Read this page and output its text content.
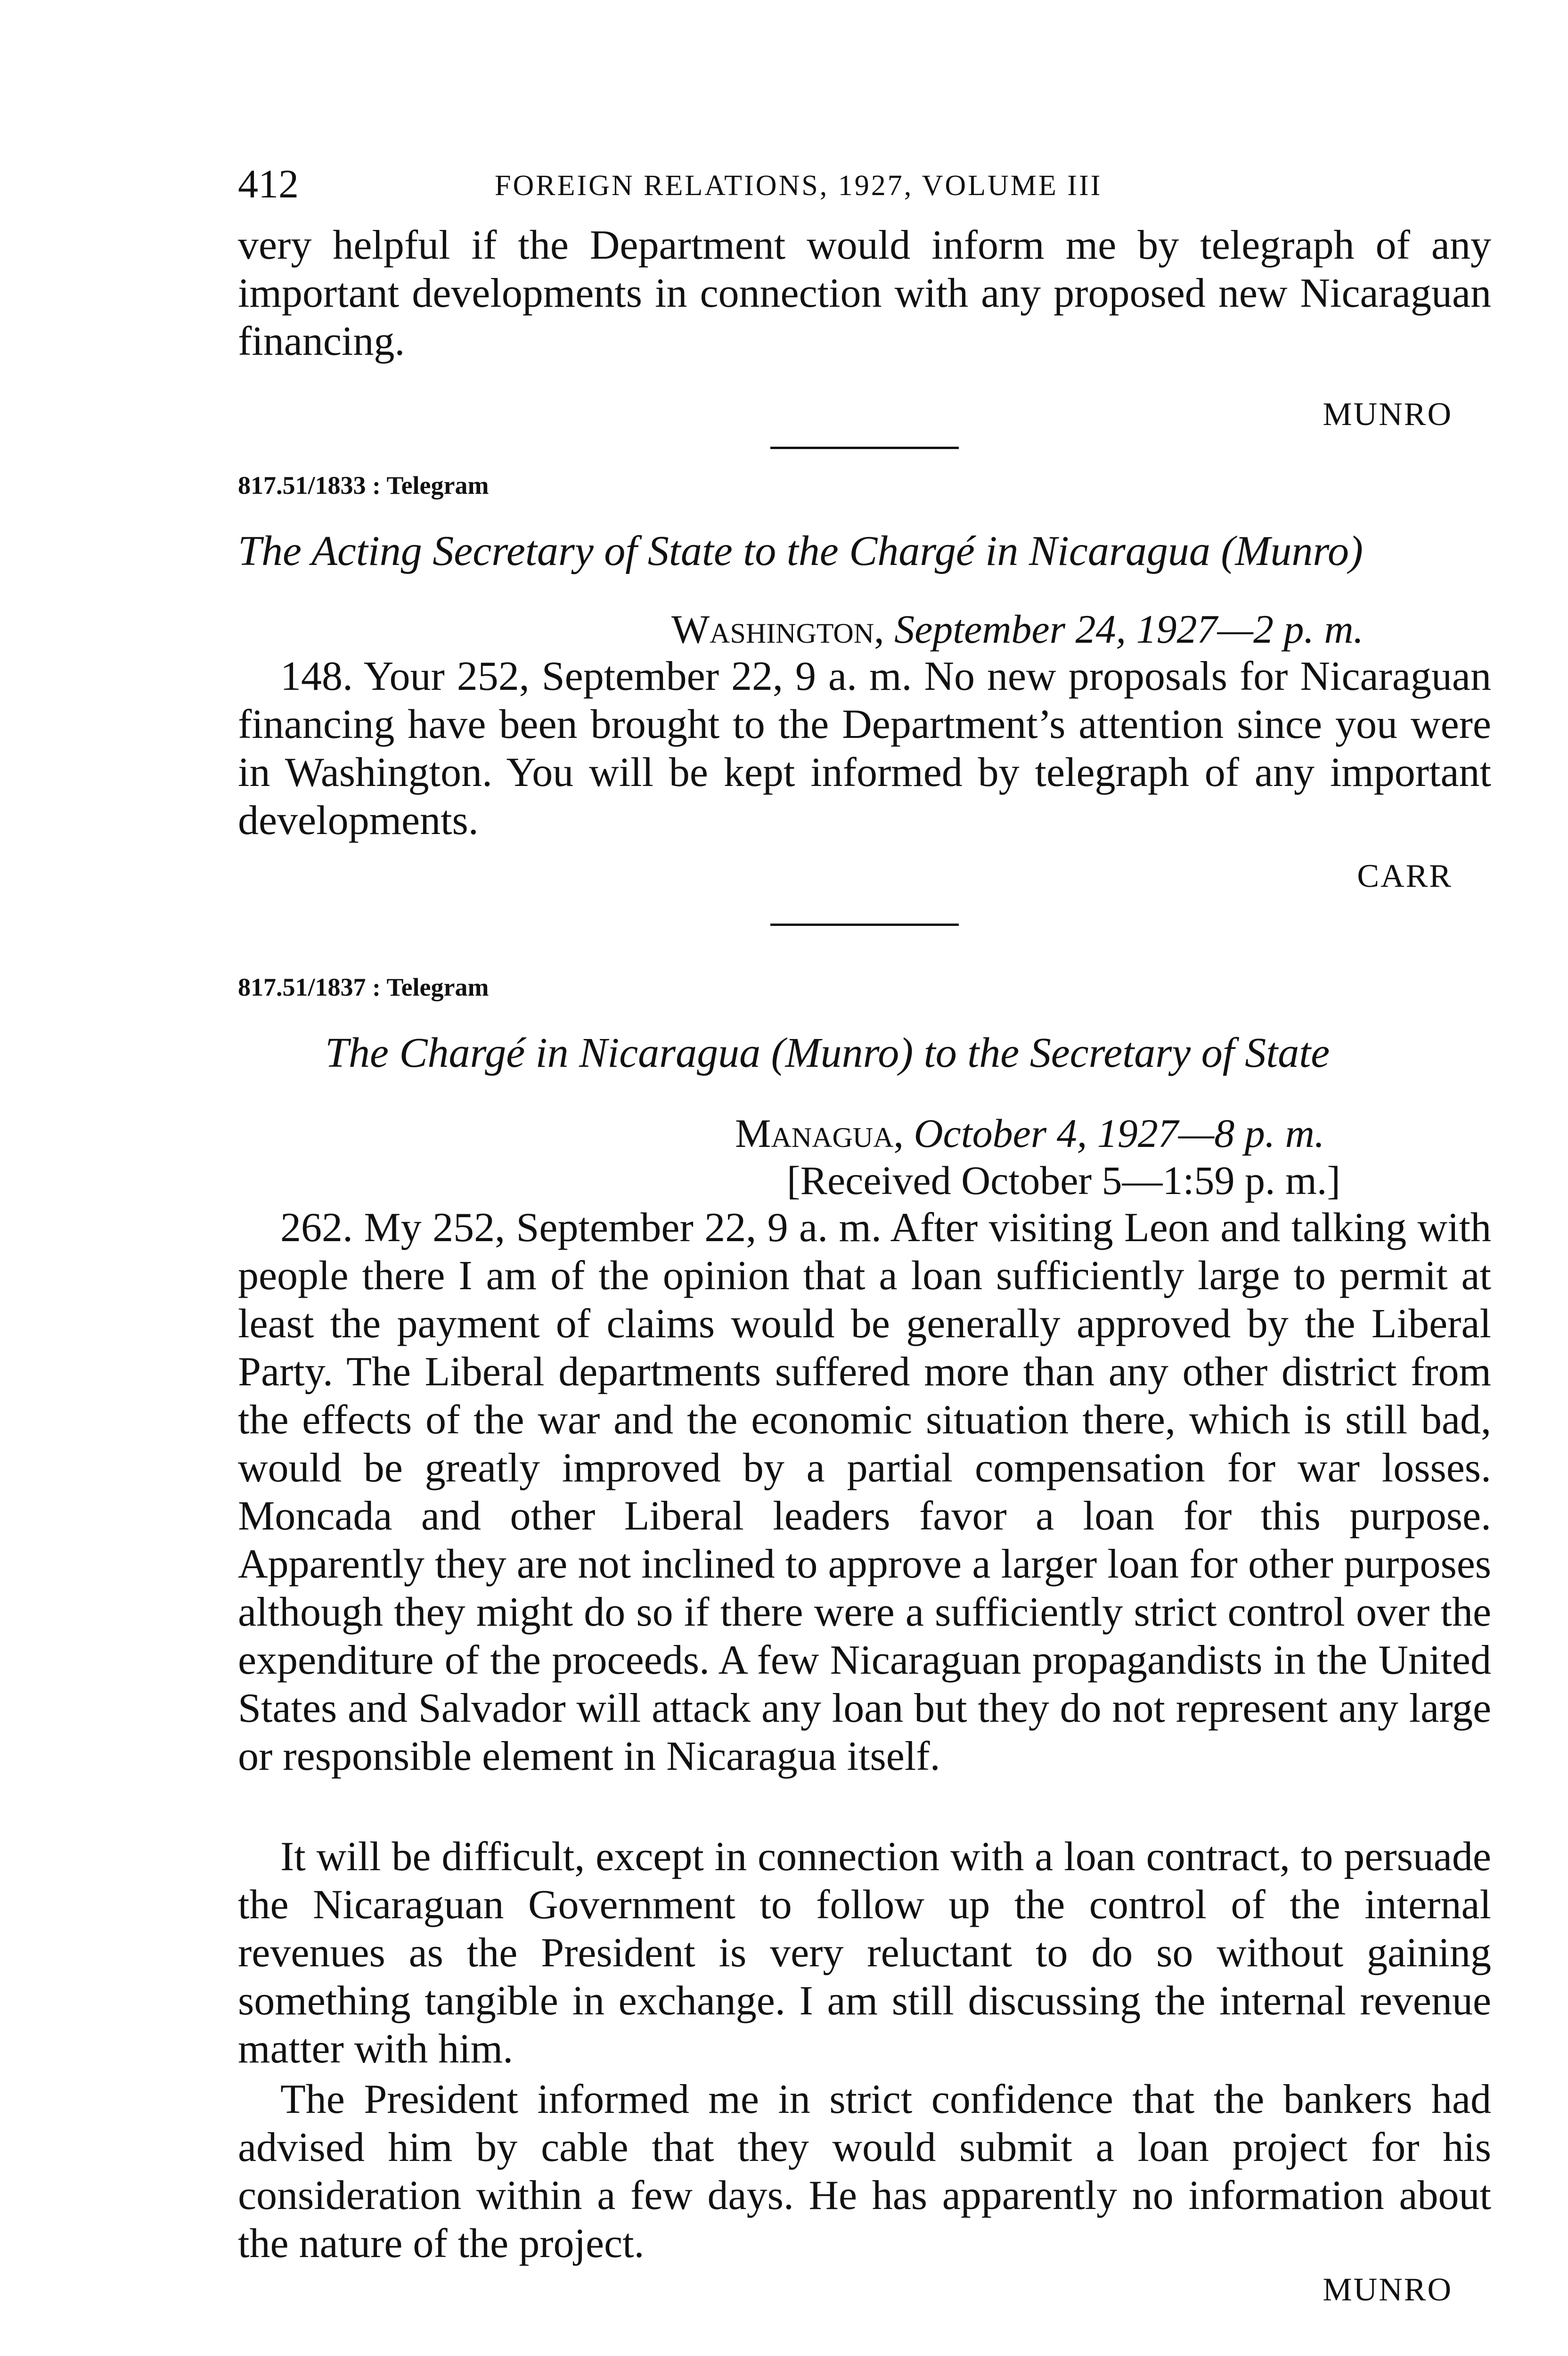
412	FOREIGN RELATIONS, 1927, VOLUME III

very helpful if the Department would inform me by telegraph of any important developments in connection with any proposed new Nicaraguan financing.

MUNRO
817.51/1833 : Telegram
The Acting Secretary of State to the Chargé in Nicaragua (Munro)
Washington, September 24, 1927—2 p. m.

148. Your 252, September 22, 9 a. m. No new proposals for Nicaraguan financing have been brought to the Department’s attention since you were in Washington. You will be kept informed by telegraph of any important developments.

CARR
817.51/1837 : Telegram
The Chargé in Nicaragua (Munro) to the Secretary of State
Managua, October 4, 1927—8 p. m.
[Received October 5—1:59 p. m.]

262. My 252, September 22, 9 a. m. After visiting Leon and talking with people there I am of the opinion that a loan sufficiently large to permit at least the payment of claims would be generally approved by the Liberal Party. The Liberal departments suffered more than any other district from the effects of the war and the economic situation there, which is still bad, would be greatly improved by a partial compensation for war losses. Moncada and other Liberal leaders favor a loan for this purpose. Apparently they are not inclined to approve a larger loan for other purposes although they might do so if there were a sufficiently strict control over the expenditure of the proceeds. A few Nicaraguan propagandists in the United States and Salvador will attack any loan but they do not represent any large or responsible element in Nicaragua itself.

It will be difficult, except in connection with a loan contract, to persuade the Nicaraguan Government to follow up the control of the internal revenues as the President is very reluctant to do so without gaining something tangible in exchange. I am still discussing the internal revenue matter with him.

The President informed me in strict confidence that the bankers had advised him by cable that they would submit a loan project for his consideration within a few days. He has apparently no information about the nature of the project.

MUNRO
